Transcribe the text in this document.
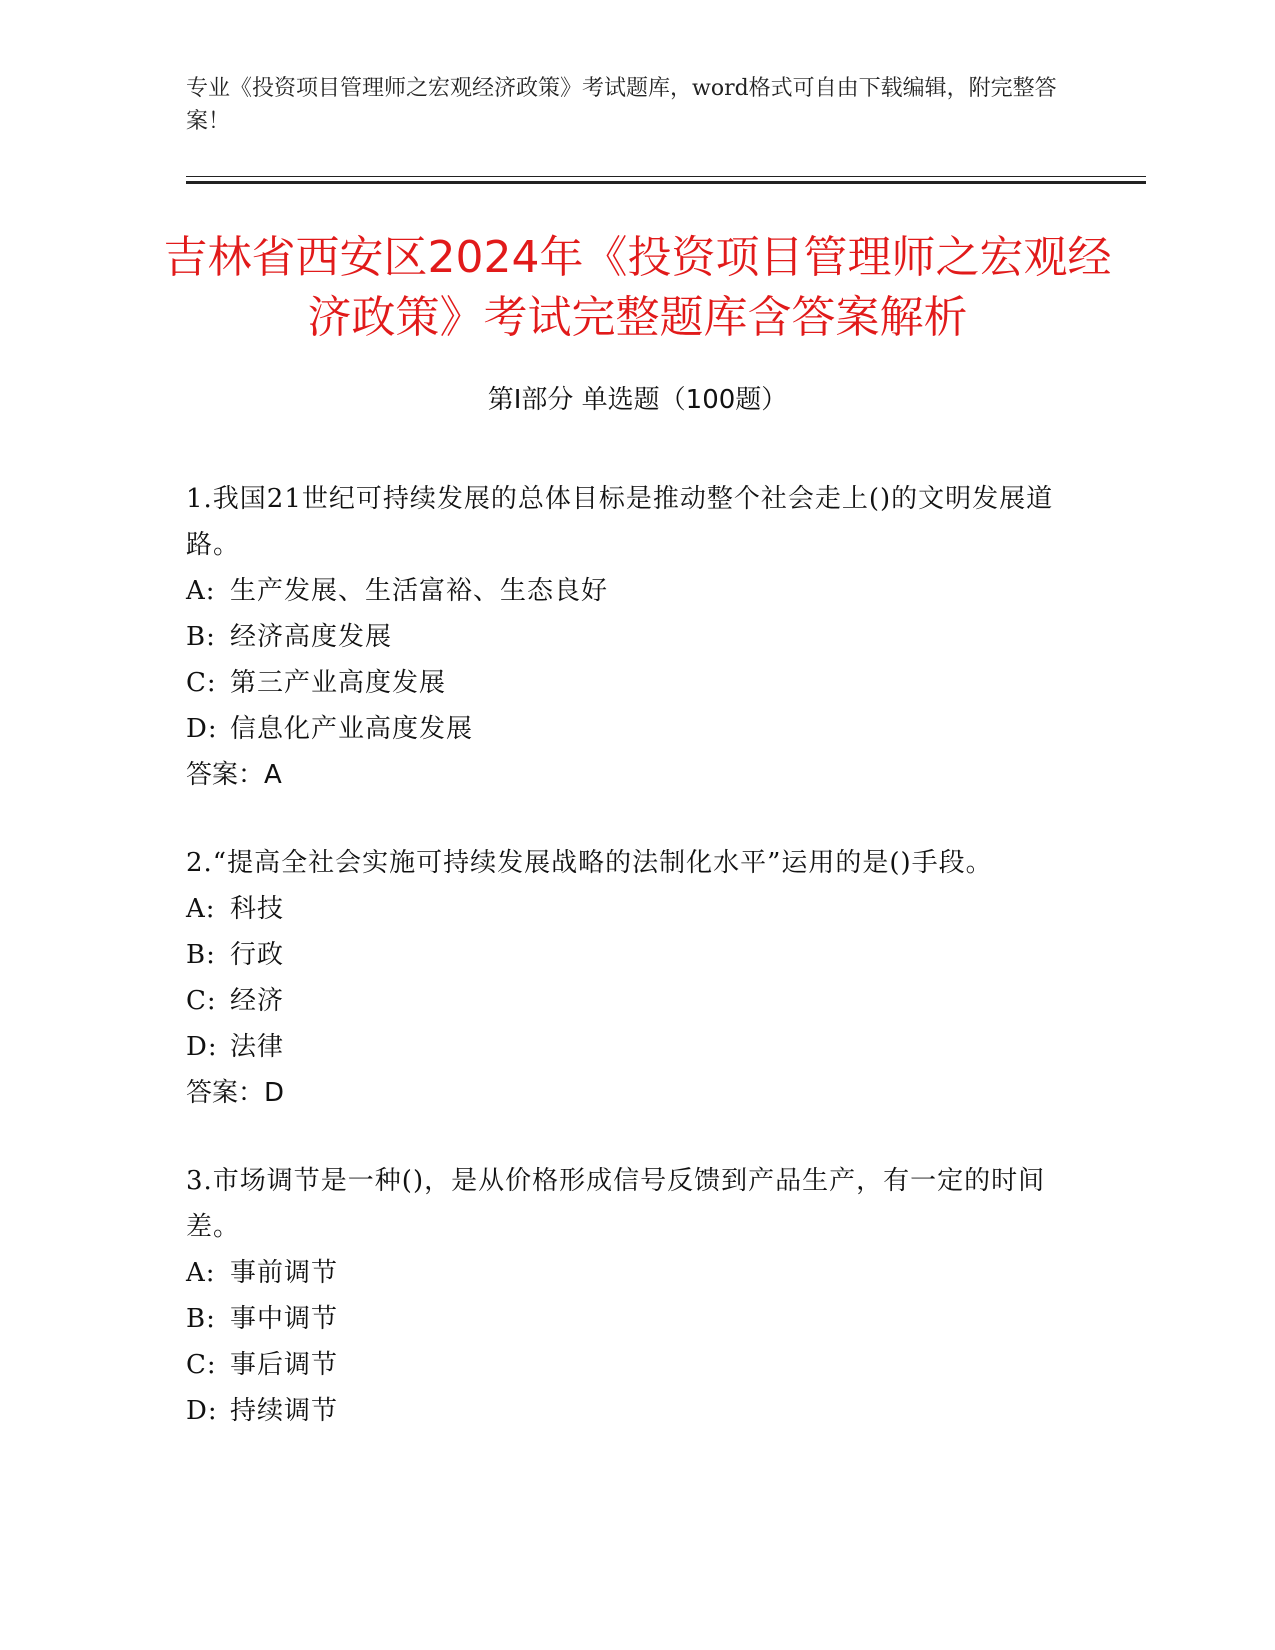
专业《投资项目管理师之宏观经济政策》考试题库，word格式可自由下载编辑，附完整答案！
吉林省西安区2024年《投资项目管理师之宏观经济政策》考试完整题库含答案解析
第Ⅰ部分 单选题（100题）

1.我国21世纪可持续发展的总体目标是推动整个社会走上()的文明发展道路。

A: 生产发展、生活富裕、生态良好

B: 经济高度发展

C: 第三产业高度发展

D: 信息化产业高度发展

答案：A

2.“提高全社会实施可持续发展战略的法制化水平”运用的是()手段。

A: 科技

B: 行政

C: 经济

D: 法律

答案：D

3.市场调节是一种()，是从价格形成信号反馈到产品生产，有一定的时间差。

A: 事前调节

B: 事中调节

C: 事后调节

D: 持续调节
